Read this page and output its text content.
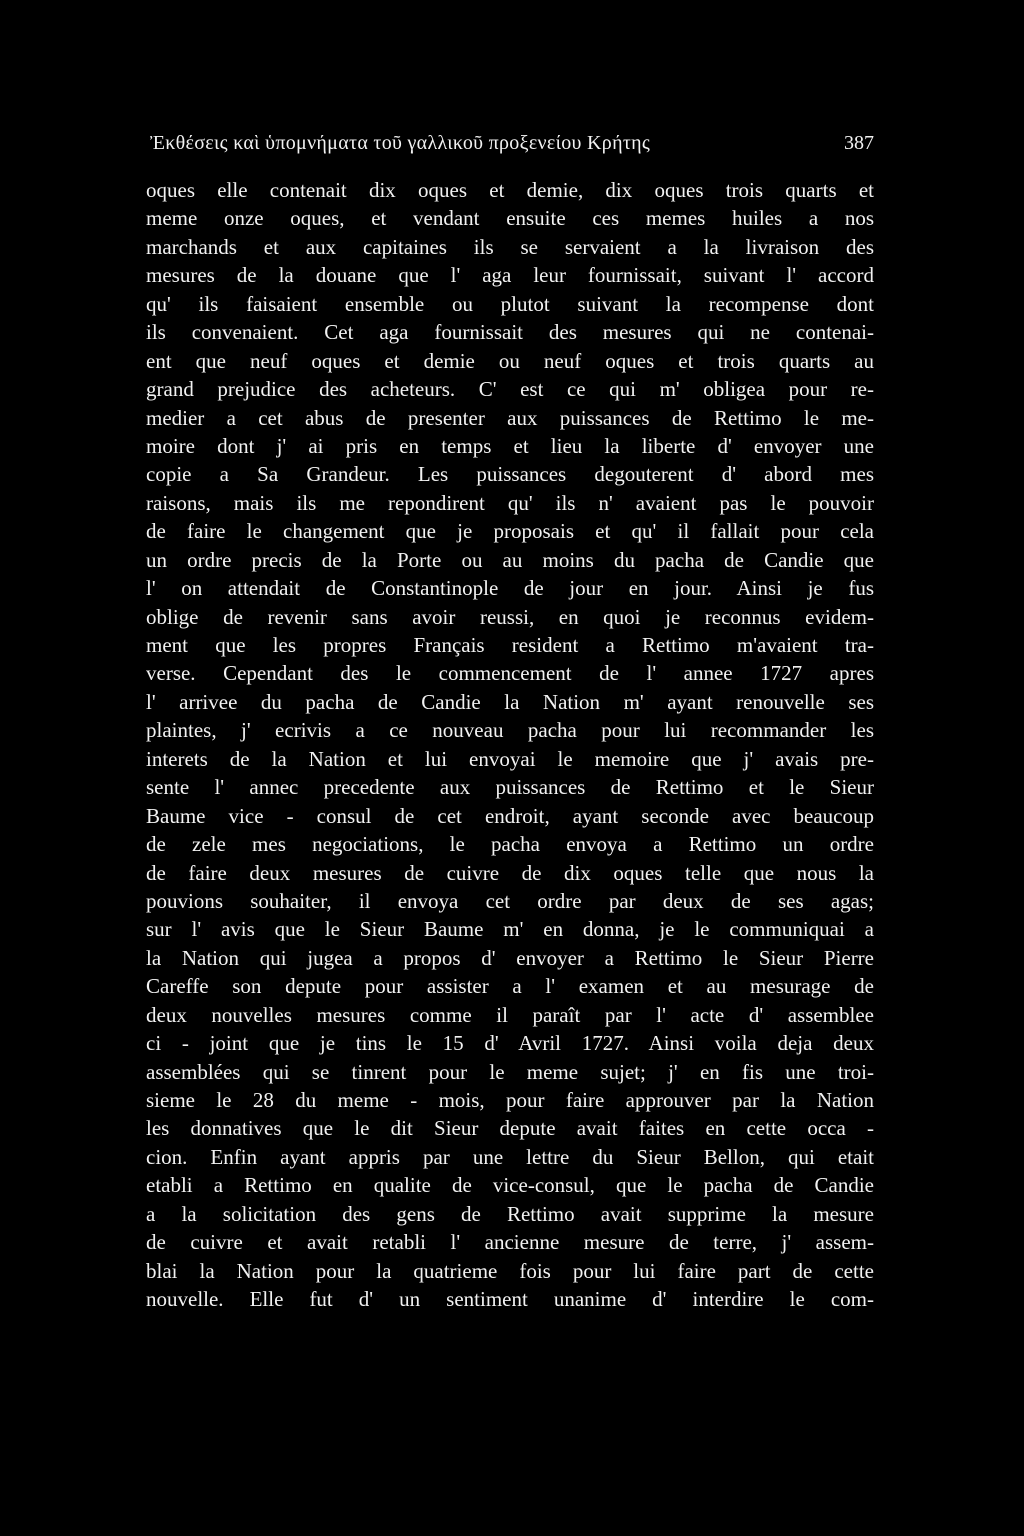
Ἐκθέσεις καὶ ὑπομνήματα τοῦ γαλλικοῦ προξενείου Κρήτης	387
oques elle contenait dix oques et demie, dix oques trois quarts et
meme onze oques, et vendant ensuite ces memes huiles a nos
marchands et aux capitaines ils se servaient a la livraison des
mesures de la douane que l' aga leur fournissait, suivant l' accord
qu' ils faisaient ensemble ou plutot suivant la recompense dont
ils convenaient. Cet aga fournissait des mesures qui ne contenai-
ent que neuf oques et demie ou neuf oques et trois quarts au
grand prejudice des acheteurs. C' est ce qui m' obligea pour re-
medier a cet abus de presenter aux puissances de Rettimo le me-
moire dont j' ai pris en temps et lieu la liberte d' envoyer une
copie a Sa Grandeur. Les puissances degouterent d' abord mes
raisons, mais ils me repondirent qu' ils n' avaient pas le pouvoir
de faire le changement que je proposais et qu' il fallait pour cela
un ordre precis de la Porte ou au moins du pacha de Candie que
l' on attendait de Constantinople de jour en jour. Ainsi je fus
oblige de revenir sans avoir reussi, en quoi je reconnus evidem-
ment que les propres Français resident a Rettimo m'avaient tra-
verse. Cependant des le commencement de l' annee 1727 apres
l' arrivee du pacha de Candie la Nation m' ayant renouvelle ses
plaintes, j' ecrivis a ce nouveau pacha pour lui recommander les
interets de la Nation et lui envoyai le memoire que j' avais pre-
sente l' annec precedente aux puissances de Rettimo et le Sieur
Baume vice - consul de cet endroit, ayant seconde avec beaucoup
de zele mes negociations, le pacha envoya a Rettimo un ordre
de faire deux mesures de cuivre de dix oques telle que nous la
pouvions souhaiter, il envoya cet ordre par deux de ses agas;
sur l' avis que le Sieur Baume m' en donna, je le communiquai a
la Nation qui jugea a propos d' envoyer a Rettimo le Sieur Pierre
Careffe son depute pour assister a l' examen et au mesurage de
deux nouvelles mesures comme il paraît par l' acte d' assemblee
ci - joint que je tins le 15 d' Avril 1727. Ainsi voila deja deux
assemblées qui se tinrent pour le meme sujet; j' en fis une troi-
sieme le 28 du meme - mois, pour faire approuver par la Nation
les donnatives que le dit Sieur depute avait faites en cette occa -
cion. Enfin ayant appris par une lettre du Sieur Bellon, qui etait
etabli a Rettimo en qualite de vice-consul, que le pacha de Candie
a la solicitation des gens de Rettimo avait supprime la mesure
de cuivre et avait retabli l' ancienne mesure de terre, j' assem-
blai la Nation pour la quatrieme fois pour lui faire part de cette
nouvelle. Elle fut d' un sentiment unanime d' interdire le com-
